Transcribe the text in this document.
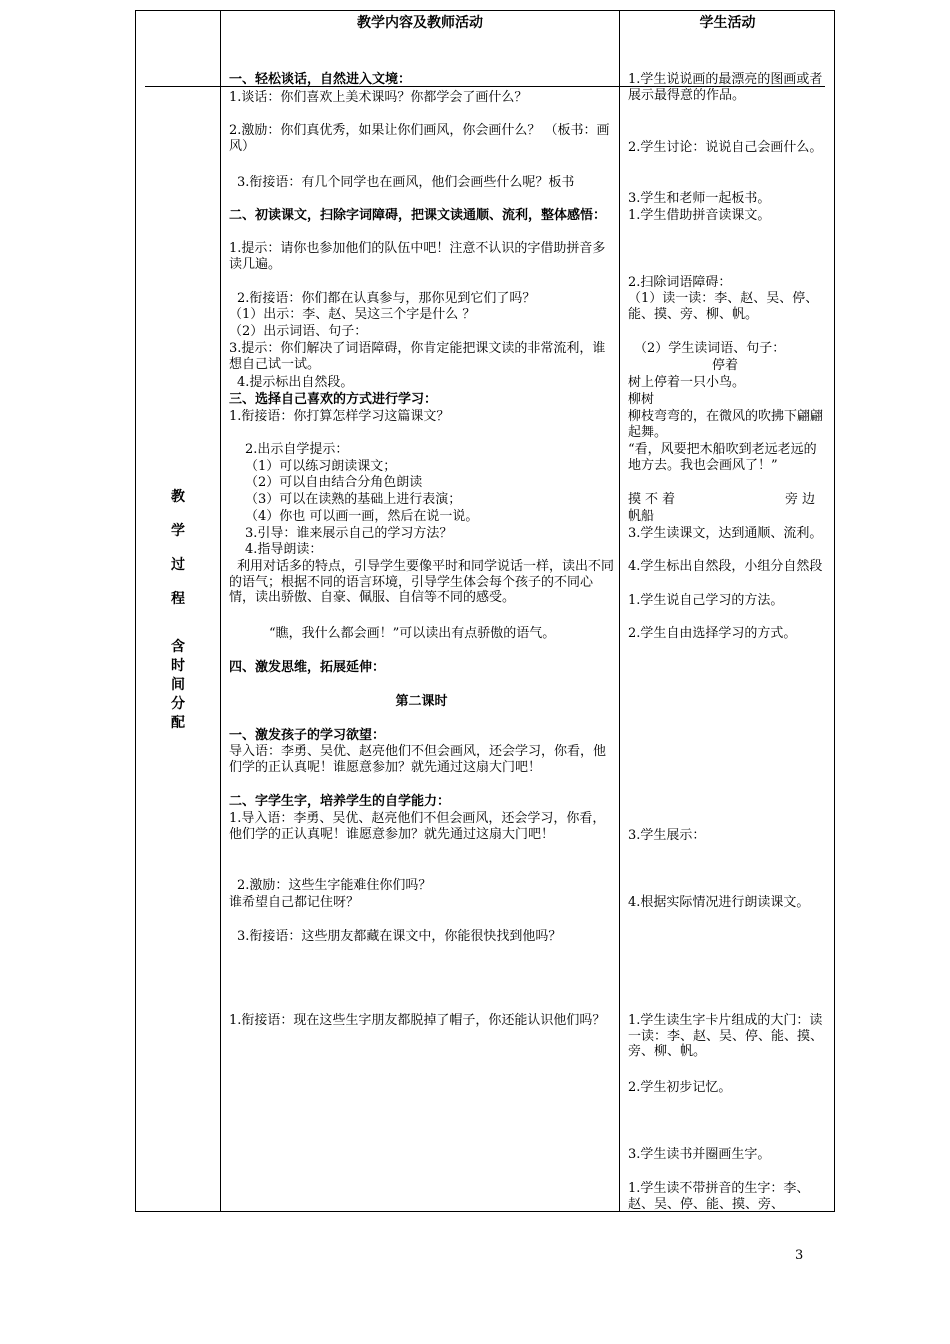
教学内容及教师活动	学生活动
教
学
过
程
含
时
间
分
配

一、轻松谈话，自然进入文境：

1.谈话：你们喜欢上美术课吗？你都学会了画什么？

2.激励：你们真优秀，如果让你们画风，你会画什么？ （板书：画风）

3.衔接语：有几个同学也在画风，他们会画些什么呢？板书

二、初读课文，扫除字词障碍，把课文读通顺、流利，整体感悟：

1.提示：请你也参加他们的队伍中吧！注意不认识的字借助拼音多读几遍。

2.衔接语：你们都在认真参与，那你见到它们了吗？

（1）出示：李、赵、吴这三个字是什么 ？

（2）出示词语、句子：

3.提示：你们解决了词语障碍，你肯定能把课文读的非常流利，谁想自己试一试。

4.提示标出自然段。

三、选择自己喜欢的方式进行学习：

1.衔接语：你打算怎样学习这篇课文？

2.出示自学提示：

（1）可以练习朗读课文；

（2）可以自由结合分角色朗读

（3）可以在读熟的基础上进行表演；

（4）你也 可以画一画，然后在说一说。

3.引导：谁来展示自己的学习方法？

4.指导朗读：

利用对话多的特点，引导学生要像平时和同学说话一样，读出不同的语气；根据不同的语言环境，引导学生体会每个孩子的不同心情，读出骄傲、自豪、佩服、自信等不同的感受。

“瞧，我什么都会画！”可以读出有点骄傲的语气。

四、激发思维，拓展延伸：

第二课时

一、激发孩子的学习欲望：

导入语：李勇、吴优、赵亮他们不但会画风，还会学习，你看，他们学的正认真呢！谁愿意参加？就先通过这扇大门吧！

二、字学生字，培养学生的自学能力：

1.导入语：李勇、吴优、赵亮他们不但会画风，还会学习，你看，他们学的正认真呢！谁愿意参加？就先通过这扇大门吧！

2.激励：这些生字能难住你们吗？

谁希望自己都记住呀？

3.衔接语：这些朋友都藏在课文中，你能很快找到他吗？

1.衔接语：现在这些生字朋友都脱掉了帽子，你还能认识他们吗？

1.学生说说画的最漂亮的图画或者展示最得意的作品。

2.学生讨论：说说自己会画什么。

3.学生和老师一起板书。

1.学生借助拼音读课文。

2.扫除词语障碍：

（1）读一读：李、赵、吴、停、能、摸、旁、柳、帆。

（2）学生读词语、句子：

停着

树上停着一只小鸟。

柳树

柳枝弯弯的，在微风的吹拂下翩翩起舞。

“看，风要把木船吹到老远老远的地方去。我也会画风了！”

摸不着	旁边

帆船

3.学生读课文，达到通顺、流利。

4.学生标出自然段，小组分自然段

1.学生说自己学习的方法。

2.学生自由选择学习的方式。

3.学生展示：

4.根据实际情况进行朗读课文。

1.学生读生字卡片组成的大门：读一读：李、赵、吴、停、能、摸、旁、柳、帆。

2.学生初步记忆。

3.学生读书并圈画生字。

1.学生读不带拼音的生字：李、赵、吴、停、能、摸、旁、

3
